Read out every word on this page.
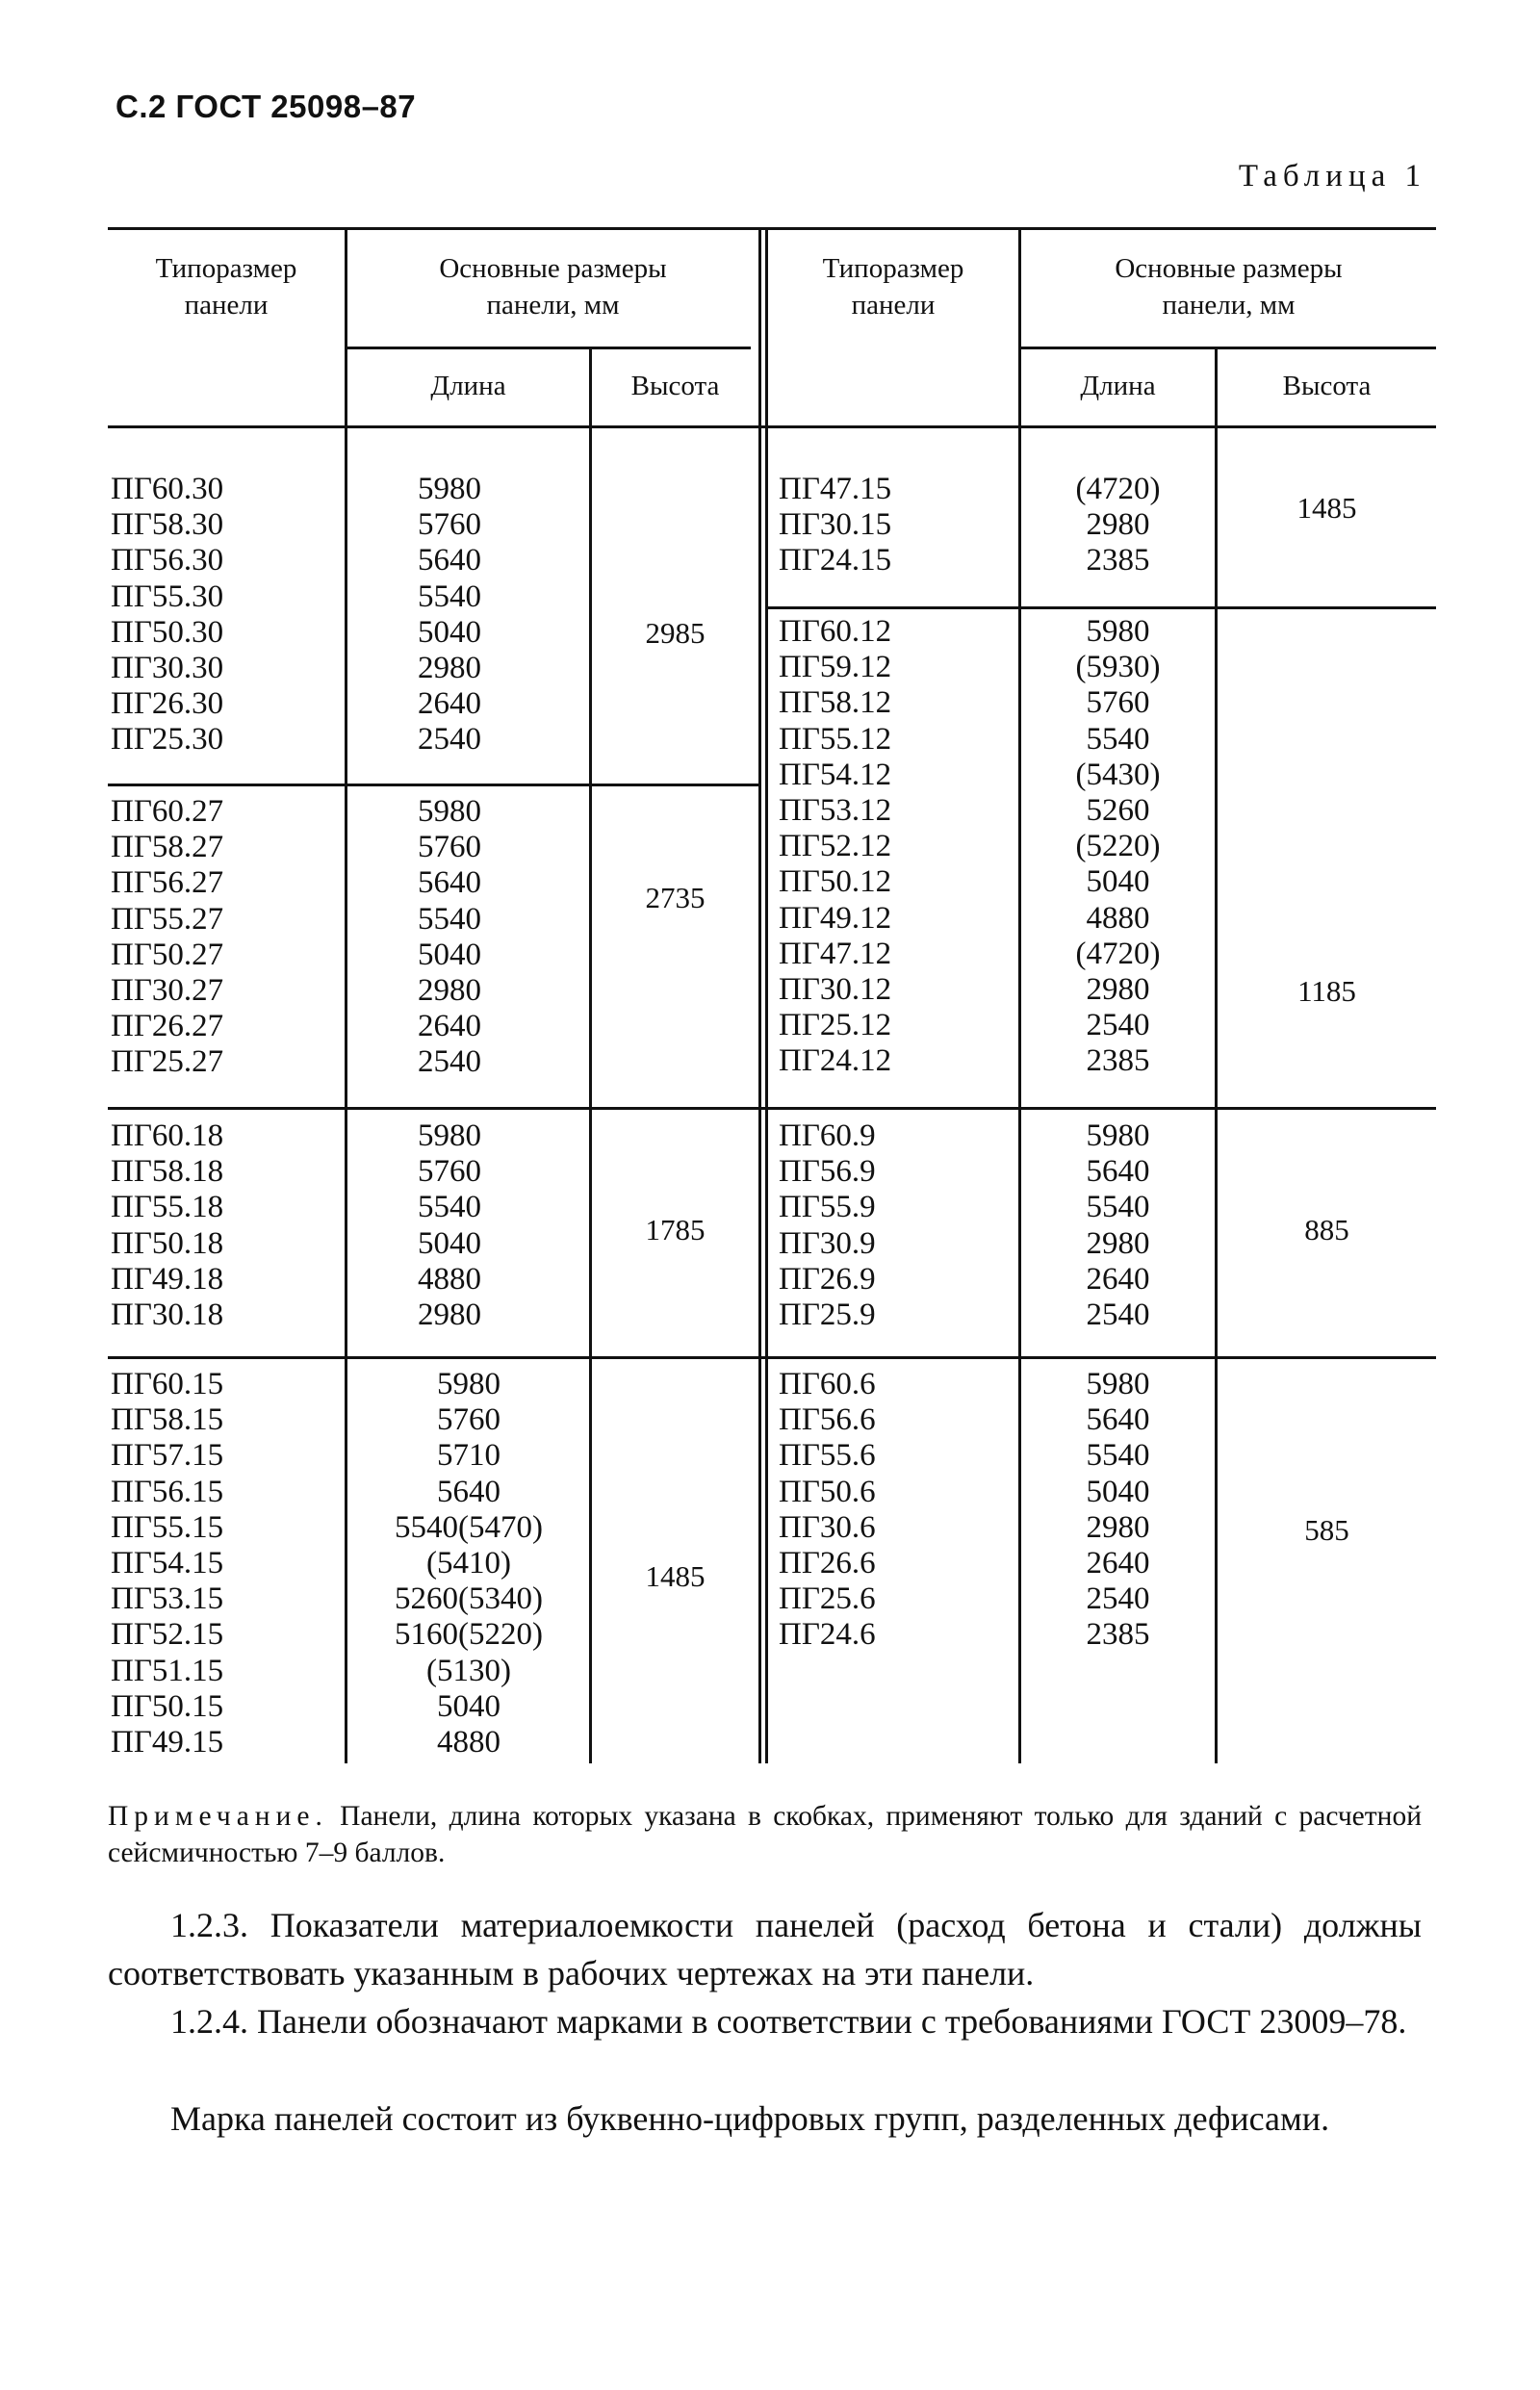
С.2 ГОСТ 25098–87
Таблица 1
Типоразмер
панели
Основные размеры
панели, мм
Длина	Высота
Типоразмер
панели
Основные размеры
панели, мм
Длина	Высота
ПГ60.30
ПГ58.30
ПГ56.30
ПГ55.30
ПГ50.30
ПГ30.30
ПГ26.30
ПГ25.30
5980
5760
5640
5540
5040
2980
2640
2540
2985
ПГ60.27
ПГ58.27
ПГ56.27
ПГ55.27
ПГ50.27
ПГ30.27
ПГ26.27
ПГ25.27
5980
5760
5640
5540
5040
2980
2640
2540
2735
ПГ60.18
ПГ58.18
ПГ55.18
ПГ50.18
ПГ49.18
ПГ30.18
5980
5760
5540
5040
4880
2980
1785
ПГ60.15
ПГ58.15
ПГ57.15
ПГ56.15
ПГ55.15
ПГ54.15
ПГ53.15
ПГ52.15
ПГ51.15
ПГ50.15
ПГ49.15
5980
5760
5710
5640
5540(5470)
(5410)
5260(5340)
5160(5220)
(5130)
5040
4880
1485
ПГ47.15
ПГ30.15
ПГ24.15
(4720)
2980
2385
1485
ПГ60.12
ПГ59.12
ПГ58.12
ПГ55.12
ПГ54.12
ПГ53.12
ПГ52.12
ПГ50.12
ПГ49.12
ПГ47.12
ПГ30.12
ПГ25.12
ПГ24.12
5980
(5930)
5760
5540
(5430)
5260
(5220)
5040
4880
(4720)
2980
2540
2385
1185
ПГ60.9
ПГ56.9
ПГ55.9
ПГ30.9
ПГ26.9
ПГ25.9
5980
5640
5540
2980
2640
2540
885
ПГ60.6
ПГ56.6
ПГ55.6
ПГ50.6
ПГ30.6
ПГ26.6
ПГ25.6
ПГ24.6
5980
5640
5540
5040
2980
2640
2540
2385
585
Примечание. Панели, длина которых указана в скобках, применяют только для зданий с расчетной сейсмичностью 7–9 баллов.
1.2.3. Показатели материалоемкости панелей (расход бетона и стали) должны соответствовать указанным в рабочих чертежах на эти панели.
1.2.4. Панели обозначают марками в соответствии с требованиями ГОСТ 23009–78.
Марка панелей состоит из буквенно-цифровых групп, разделенных дефисами.
